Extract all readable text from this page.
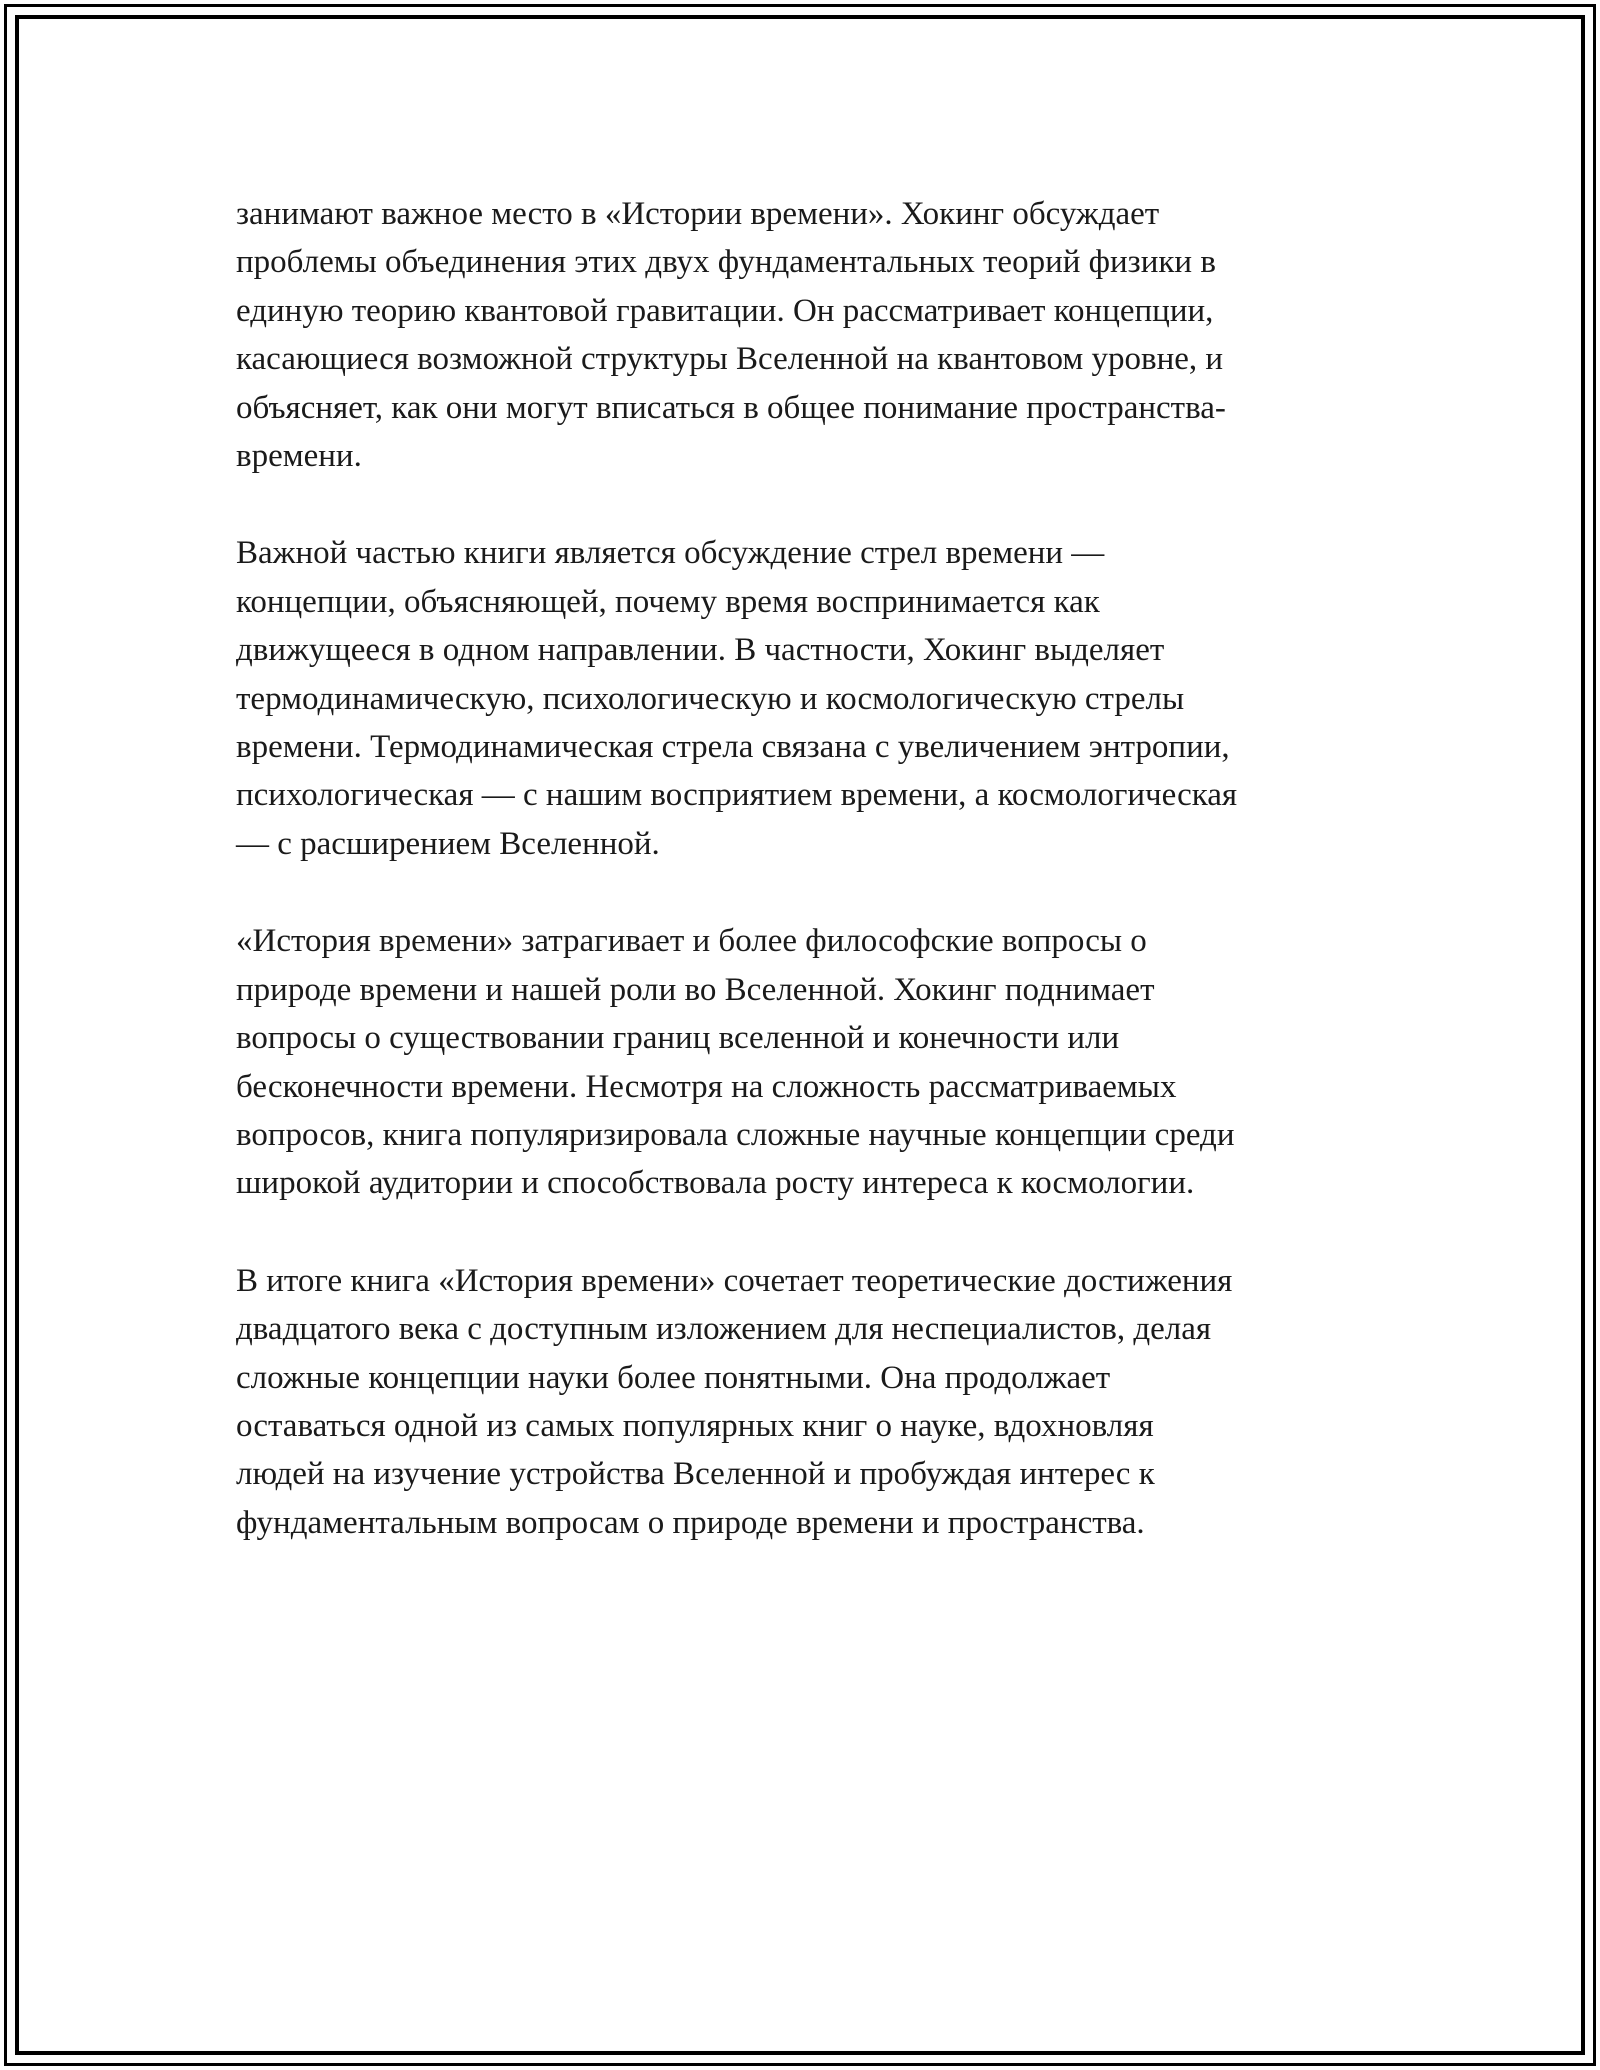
занимают важное место в «Истории времени». Хокинг обсуждает
проблемы объединения этих двух фундаментальных теорий физики в
единую теорию квантовой гравитации. Он рассматривает концепции,
касающиеся возможной структуры Вселенной на квантовом уровне, и
объясняет, как они могут вписаться в общее понимание пространства-
времени.

Важной частью книги является обсуждение стрел времени —
концепции, объясняющей, почему время воспринимается как
движущееся в одном направлении. В частности, Хокинг выделяет
термодинамическую, психологическую и космологическую стрелы
времени. Термодинамическая стрела связана с увеличением энтропии,
психологическая — с нашим восприятием времени, а космологическая
— с расширением Вселенной.

«История времени» затрагивает и более философские вопросы о
природе времени и нашей роли во Вселенной. Хокинг поднимает
вопросы о существовании границ вселенной и конечности или
бесконечности времени. Несмотря на сложность рассматриваемых
вопросов, книга популяризировала сложные научные концепции среди
широкой аудитории и способствовала росту интереса к космологии.

В итоге книга «История времени» сочетает теоретические достижения
двадцатого века с доступным изложением для неспециалистов, делая
сложные концепции науки более понятными. Она продолжает
оставаться одной из самых популярных книг о науке, вдохновляя
людей на изучение устройства Вселенной и пробуждая интерес к
фундаментальным вопросам о природе времени и пространства.
